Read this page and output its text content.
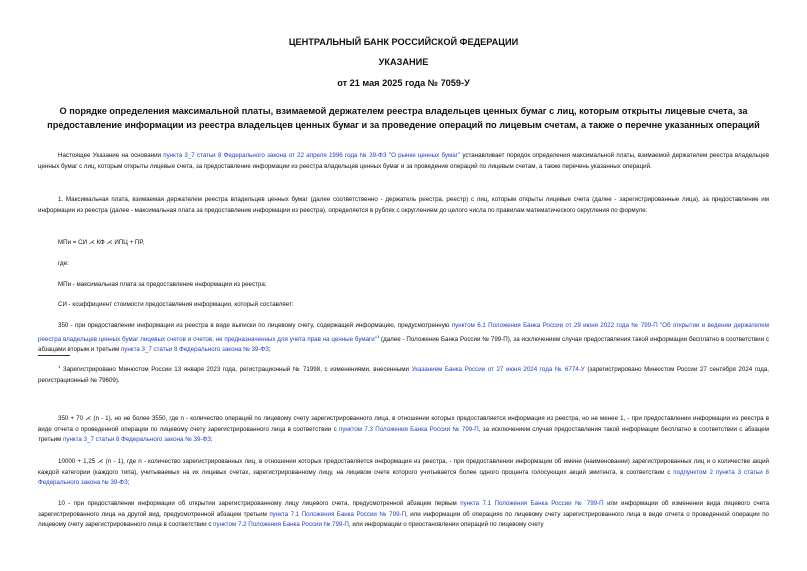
ЦЕНТРАЛЬНЫЙ БАНК РОССИЙСКОЙ ФЕДЕРАЦИИ
УКАЗАНИЕ
от 21 мая 2025 года № 7059-У
О порядке определения максимальной платы, взимаемой держателем реестра владельцев ценных бумаг с лиц, которым открыты лицевые счета, за предоставление информации из реестра владельцев ценных бумаг и за проведение операций по лицевым счетам, а также о перечне указанных операций

Настоящее Указание на основании пункта 3_7 статьи 8 Федерального закона от 22 апреля 1996 года № 39-ФЗ "О рынке ценных бумаг" устанавливает порядок определения максимальной платы, взимаемой держателем реестра владельцев ценных бумаг с лиц, которым открыты лицевые счета, за предоставление информации из реестра владельцев ценных бумаг и за проведение операций по лицевым счетам, а также перечень указанных операций.

1. Максимальная плата, взимаемая держателем реестра владельцев ценных бумаг (далее соответственно - держатель реестра, реестр) с лиц, которым открыты лицевые счета (далее - зарегистрированные лица), за предоставление им информации из реестра (далее - максимальная плата за предоставление информации из реестра), определяется в рублях с округлением до целого числа по правилам математического округления по формуле:

МПи = СИ ⋌ КФ ⋌ ИПЦ + ПР,

где:

МПи - максимальная плата за предоставление информации из реестра;

СИ - коэффициент стоимости предоставления информации, который составляет:

350 - при предоставлении информации из реестра в виде выписки по лицевому счету, содержащей информацию, предусмотренную пунктом 6.1 Положения Банка России от 29 июня 2022 года № 799-П "Об открытии и ведении держателем реестра владельцев ценных бумаг лицевых счетов и счетов, не предназначенных для учета прав на ценные бумаги"$^1$ (далее - Положение Банка России № 799-П), за исключением случая предоставления такой информации бесплатно в соответствии с абзацами вторым и третьим пункта 3_7 статьи 8 Федерального закона № 39-ФЗ;

$^1$ Зарегистрировано Минюстом России 13 января 2023 года, регистрационный № 71998, с изменениями, внесенными Указанием Банка России от 27 июня 2024 года № 6774-У (зарегистрировано Минюстом России 27 сентября 2024 года, регистрационный № 79609).

350 + 70 ⋌ (n - 1), но не более 3550, где n - количество операций по лицевому счету зарегистрированного лица, в отношении которых предоставляется информация из реестра, но не менее 1, - при предоставлении информации из реестра в виде отчета о проведенной операции по лицевому счету зарегистрированного лица в соответствии с пунктом 7.3 Положения Банка России № 799-П, за исключением случая предоставления такой информации бесплатно в соответствии с абзацем третьим пункта 3_7 статьи 8 Федерального закона № 39-ФЗ;

10000 + 1,25 ⋌ (n - 1), где n - количество зарегистрированных лиц, в отношении которых предоставляется информация из реестра, - при предоставлении информации об имени (наименовании) зарегистрированных лиц и о количестве акций каждой категории (каждого типа), учитываемых на их лицевых счетах, зарегистрированному лицу, на лицевом счете которого учитывается более одного процента голосующих акций эмитента, в соответствии с подпунктом 2 пункта 3 статьи 8 Федерального закона № 39-ФЗ;

10 - при предоставлении информации об открытии зарегистрированному лицу лицевого счета, предусмотренной абзацем первым пункта 7.1 Положения Банка России № 799-П или информации об изменении вида лицевого счета зарегистрированного лица на другой вид, предусмотренной абзацем третьим пункта 7.1 Положения Банка России № 799-П, или информации об операциях по лицевому счету зарегистрированного лица в виде отчета о проведенной операции по лицевому счету зарегистрированного лица в соответствии с пунктом 7.2 Положения Банка России № 799-П, или информации о приостановлении операций по лицевому счету
